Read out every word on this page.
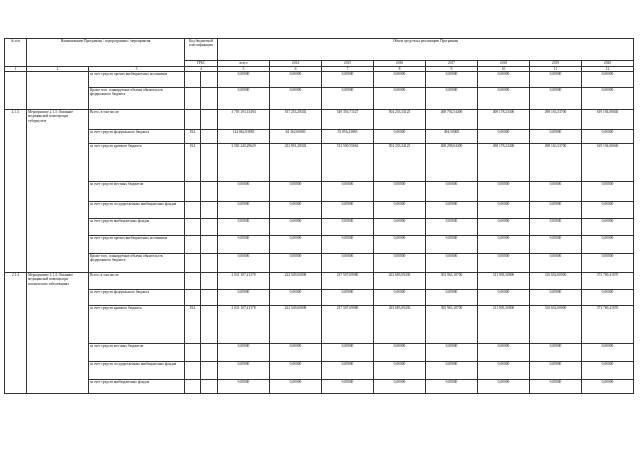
№ п/п	Наименование Программы / подпрограммы / мероприятия		Код бюджетной классификации		Объем средств на реализацию Программы							
			ГРБС		всего	2014	2015	2016	2017	2018	2019	2020
1	2	3	4		5	6	7	8	9	10	11	12
		за счет средств прочих внебюджетных источников			0,00000	0,00000	0,00000	0,00000	0,00000	0,00000	0,00000	0,00000
		Кроме того, планируемые объемы обязательств федерального бюджета			0,00000	0,00000	0,00000	0,00000	0,00000	0,00000	0,00000	0,00000
2.1.3.	Мероприятие 2.1.3. Оказание медицинской помощи при туберкулезе	Всего, в том числе:			3 705 103,13494	537 253,28302	549 356,71527	504 233,34125	408 792,54400	408 178,23400	498 163,33700	619 194,00040
		за счет средств федерального бюджета	814		122 862,83865	84 362,00000	35 856,23865	0,00000	494,50000	0,00000	0,00000	0,00000
		за счет средств краевого бюджета	814		3 582 240,29629	452 891,28302	513 500,55662	504 233,34125	408 298,04400	498 178,23400	498 163,33700	619 194,00040
		за счет средств местных бюджетов			0,00000	0,00000	0,00000	0,00000	0,00000	0,00000	0,00000	0,00000
		за счет средств государственных внебюджетных фондов			0,00000	0,00000	0,00000	0,00000	0,00000	0,00000	0,00000	0,00000
		за счет средств внебюджетных фондов			0,00000	0,00000	0,00000	0,00000	0,00000	0,00000	0,00000	0,00000
		за счет средств прочих внебюджетных источников			0,00000	0,00000	0,00000	0,00000	0,00000	0,00000	0,00000	0,00000
		Кроме того, планируемые объемы обязательств федерального бюджета			0,00000	0,00000	0,00000	0,00000	0,00000	0,00000	0,00000	0,00000
2.1.4	Мероприятие 2.1.4. Оказание медицинской помощи при психических заболеваниях	Всего, в том числе:			2 031 107,41378	222 549,60008	237 507,69080	263 683,09430	305 963,10700	311 903,50000	316 652,00000	373 769,41870
		за счет средств федерального бюджета			0,00000	0,00000	0,00000	0,00000	0,00000	0,00000	0,00000	0,00000
		за счет средств краевого бюджета	814		2 031 107,41378	222 549,60008	237 507,69080	263 683,09430	305 963,10700	311 903,50000	316 652,00000	373 769,41870
		за счет средств местных бюджетов			0,00000	0,00000	0,00000	0,00000	0,00000	0,00000	0,00000	0,00000
		за счет средств государственных внебюджетных фондов			0,00000	0,00000	0,00000	0,00000	0,00000	0,00000	0,00000	0,00000
		за счет средств внебюджетных фондов			0,00000	0,00000	0,00000	0,00000	0,00000	0,00000	0,00000	0,00000
